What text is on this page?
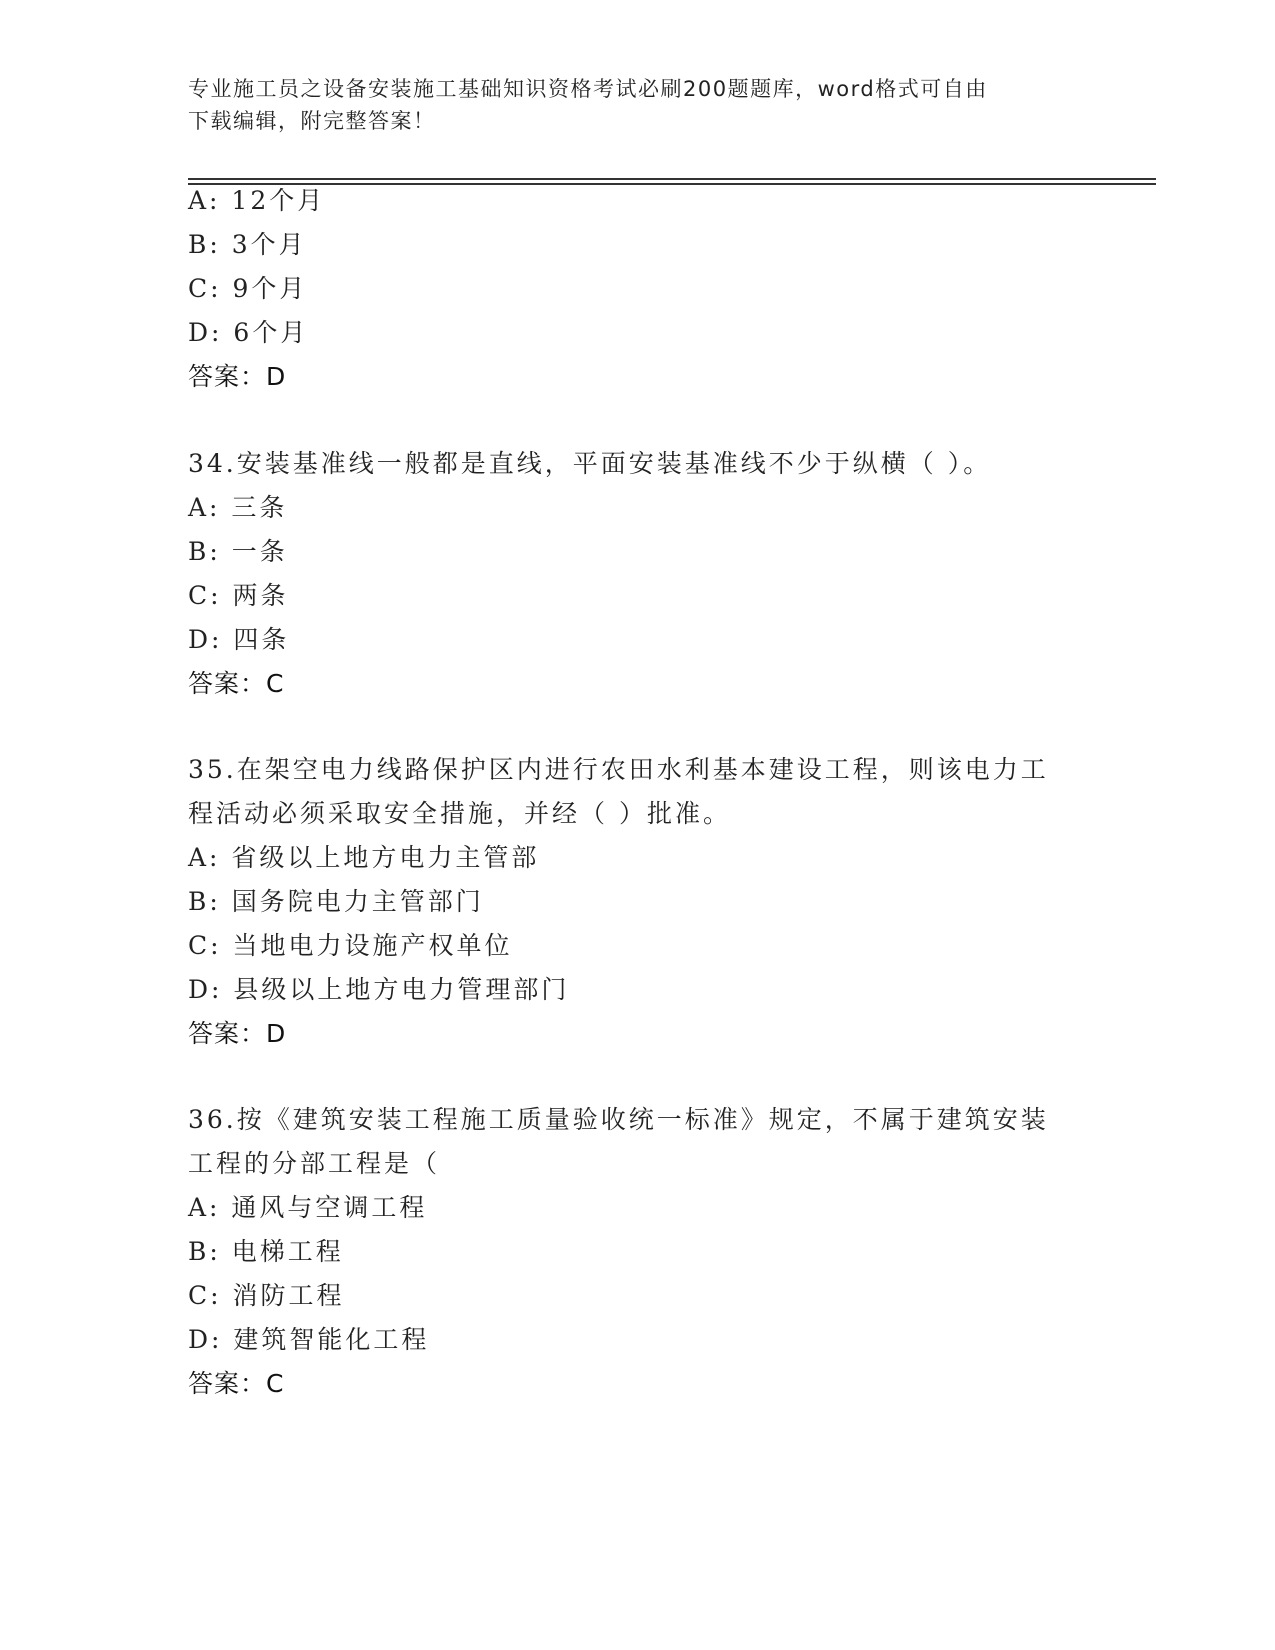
专业施工员之设备安装施工基础知识资格考试必刷200题题库，word格式可自由
下载编辑，附完整答案！
A: 12个月
B: 3个月
C: 9个月
D: 6个月
答案：D
34.安装基准线一般都是直线，平面安装基准线不少于纵横（ ）。
A: 三条
B: 一条
C: 两条
D: 四条
答案：C
35.在架空电力线路保护区内进行农田水利基本建设工程，则该电力工
程活动必须采取安全措施，并经（ ）批准。
A: 省级以上地方电力主管部
B: 国务院电力主管部门
C: 当地电力设施产权单位
D: 县级以上地方电力管理部门
答案：D
36.按《建筑安装工程施工质量验收统一标准》规定，不属于建筑安装
工程的分部工程是（
A: 通风与空调工程
B: 电梯工程
C: 消防工程
D: 建筑智能化工程
答案：C
